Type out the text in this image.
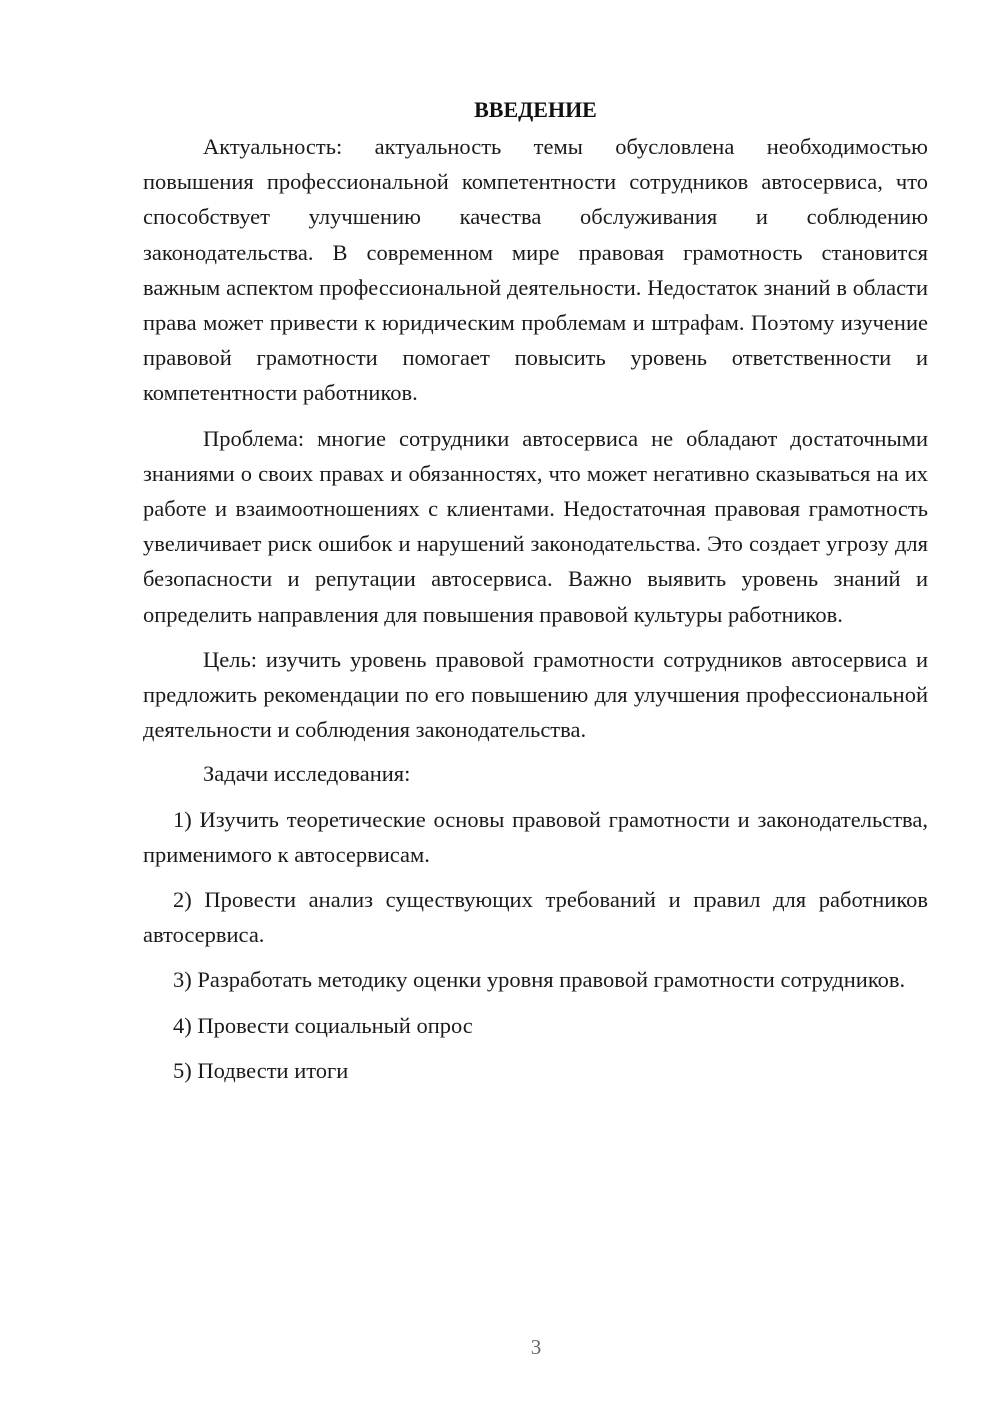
ВВЕДЕНИЕ

Актуальность: актуальность темы обусловлена необходимостью повышения профессиональной компетентности сотрудников автосервиса, что способствует улучшению качества обслуживания и соблюдению законодательства. В современном мире правовая грамотность становится важным аспектом профессиональной деятельности. Недостаток знаний в области права может привести к юридическим проблемам и штрафам. Поэтому изучение правовой грамотности помогает повысить уровень ответственности и компетентности работников.

Проблема: многие сотрудники автосервиса не обладают достаточными знаниями о своих правах и обязанностях, что может негативно сказываться на их работе и взаимоотношениях с клиентами. Недостаточная правовая грамотность увеличивает риск ошибок и нарушений законодательства. Это создает угрозу для безопасности и репутации автосервиса. Важно выявить уровень знаний и определить направления для повышения правовой культуры работников.

Цель: изучить уровень правовой грамотности сотрудников автосервиса и предложить рекомендации по его повышению для улучшения профессиональной деятельности и соблюдения законодательства.

Задачи исследования:

1) Изучить теоретические основы правовой грамотности и законодательства, применимого к автосервисам.

2) Провести анализ существующих требований и правил для работников автосервиса.

3) Разработать методику оценки уровня правовой грамотности сотрудников.

4) Провести социальный опрос

5) Подвести итоги

3
